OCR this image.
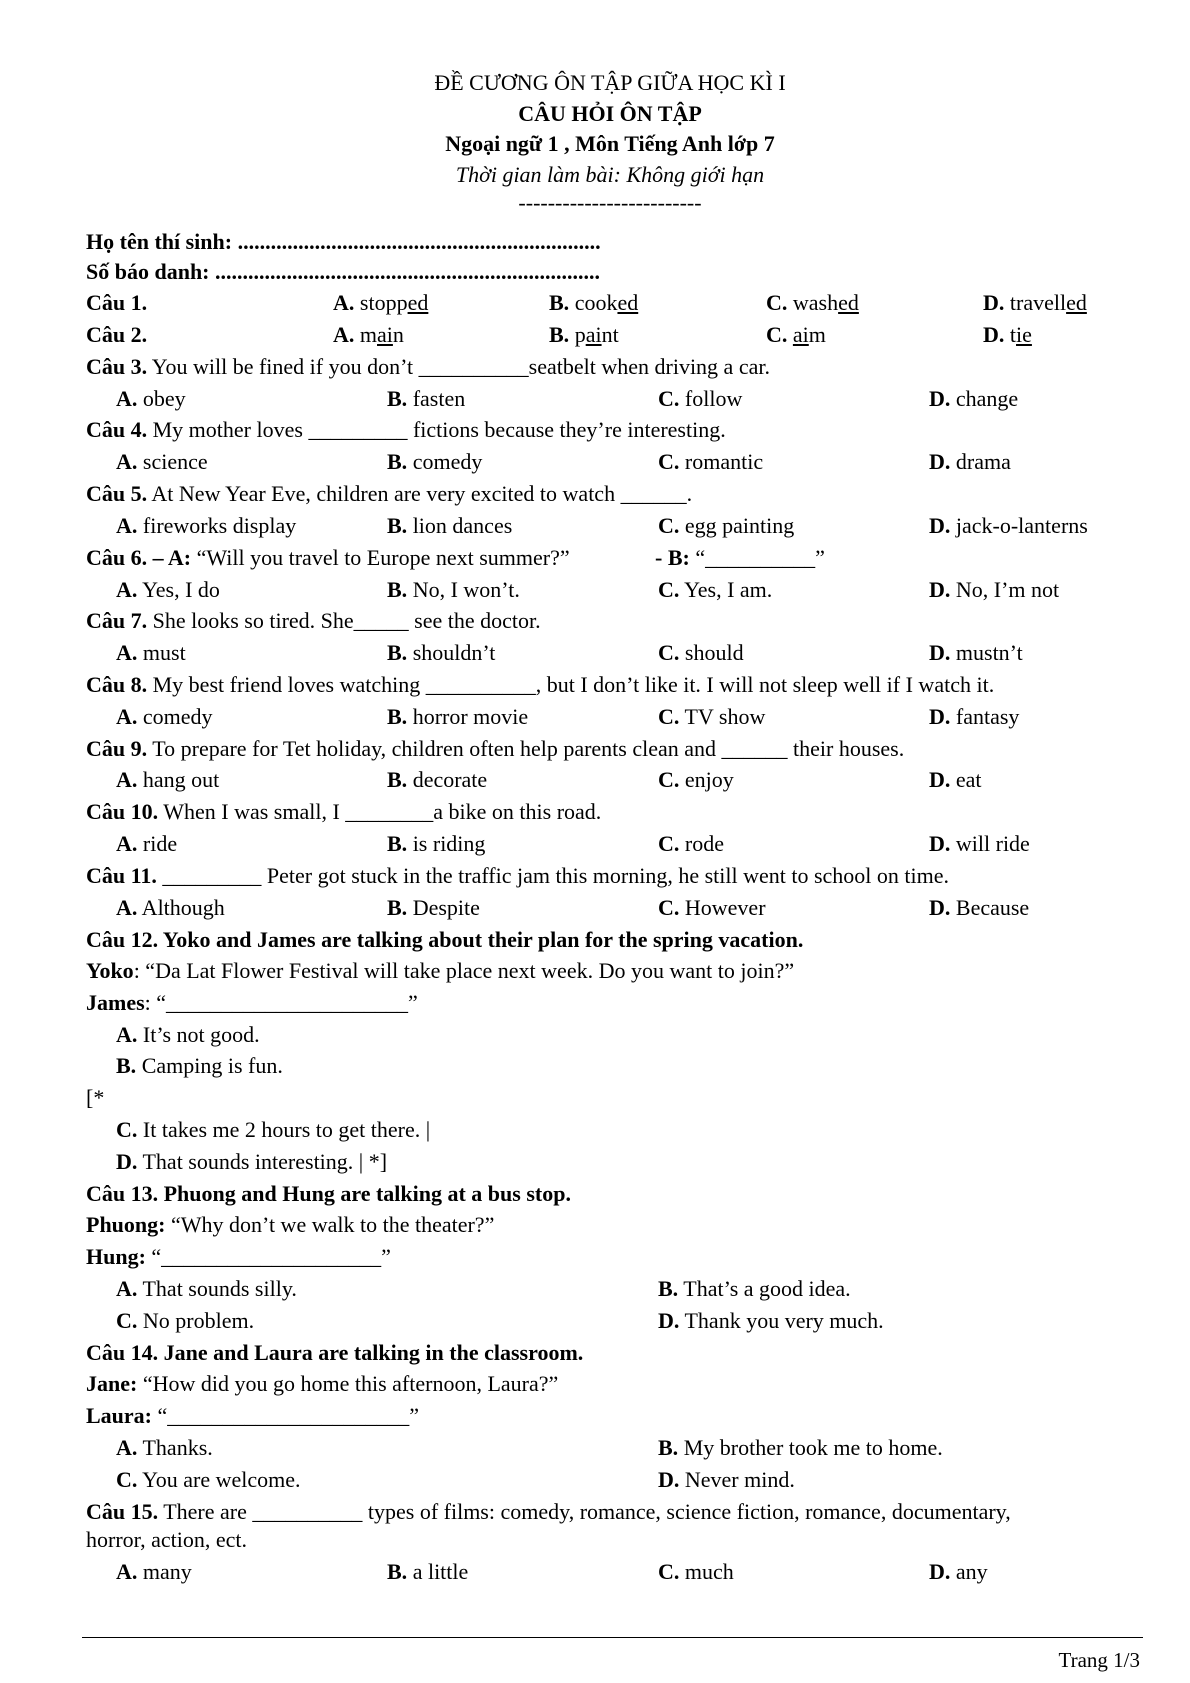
ĐỀ CƯƠNG ÔN TẬP GIỮA HỌC KÌ I
CÂU HỎI ÔN TẬP
Ngoại ngữ 1 , Môn Tiếng Anh lớp 7
Thời gian làm bài: Không giới hạn
-------------------------
Họ tên thí sinh: ..................................................................
Số báo danh: ......................................................................
Câu 1.	A. stopped	B. cooked	C. washed	D. travelled
Câu 2.	A. main	B. paint	C. aim	D. tie
Câu 3. You will be fined if you don’t __________seatbelt when driving a car.
A. obey	B. fasten	C. follow	D. change
Câu 4. My mother loves _________ fictions because they’re interesting.
A. science	B. comedy	C. romantic	D. drama
Câu 5. At New Year Eve, children are very excited to watch ______.
A. fireworks display	B. lion dances	C. egg painting	D. jack-o-lanterns
Câu 6. – A: “Will you travel to Europe next summer?”	- B: “__________”
A. Yes, I do	B. No, I won’t.	C. Yes, I am.	D. No, I’m not
Câu 7. She looks so tired. She_____ see the doctor.
A. must	B. shouldn’t	C. should	D. mustn’t
Câu 8. My best friend loves watching __________, but I don’t like it. I will not sleep well if I watch it.
A. comedy	B. horror movie	C. TV show	D. fantasy
Câu 9. To prepare for Tet holiday, children often help parents clean and ______ their houses.
A. hang out	B. decorate	C. enjoy	D. eat
Câu 10. When I was small, I ________a bike on this road.
A. ride	B. is riding	C. rode	D. will ride
Câu 11. _________ Peter got stuck in the traffic jam this morning, he still went to school on time.
A. Although	B. Despite	C. However	D. Because
Câu 12. Yoko and James are talking about their plan for the spring vacation.
Yoko: “Da Lat Flower Festival will take place next week. Do you want to join?”
James: “______________________”
A. It’s not good.
B. Camping is fun.
[*
C. It takes me 2 hours to get there. |
D. That sounds interesting. | *]
Câu 13. Phuong and Hung are talking at a bus stop.
Phuong: “Why don’t we walk to the theater?”
Hung: “____________________”
A. That sounds silly.	B. That’s a good idea.
C. No problem.	D. Thank you very much.
Câu 14. Jane and Laura are talking in the classroom.
Jane: “How did you go home this afternoon, Laura?”
Laura: “______________________”
A. Thanks.	B. My brother took me to home.
C. You are welcome.	D. Never mind.
Câu 15. There are __________ types of films: comedy, romance, science fiction, romance, documentary,
horror, action, ect.
A. many	B. a little	C. much	D. any
Trang 1/3
